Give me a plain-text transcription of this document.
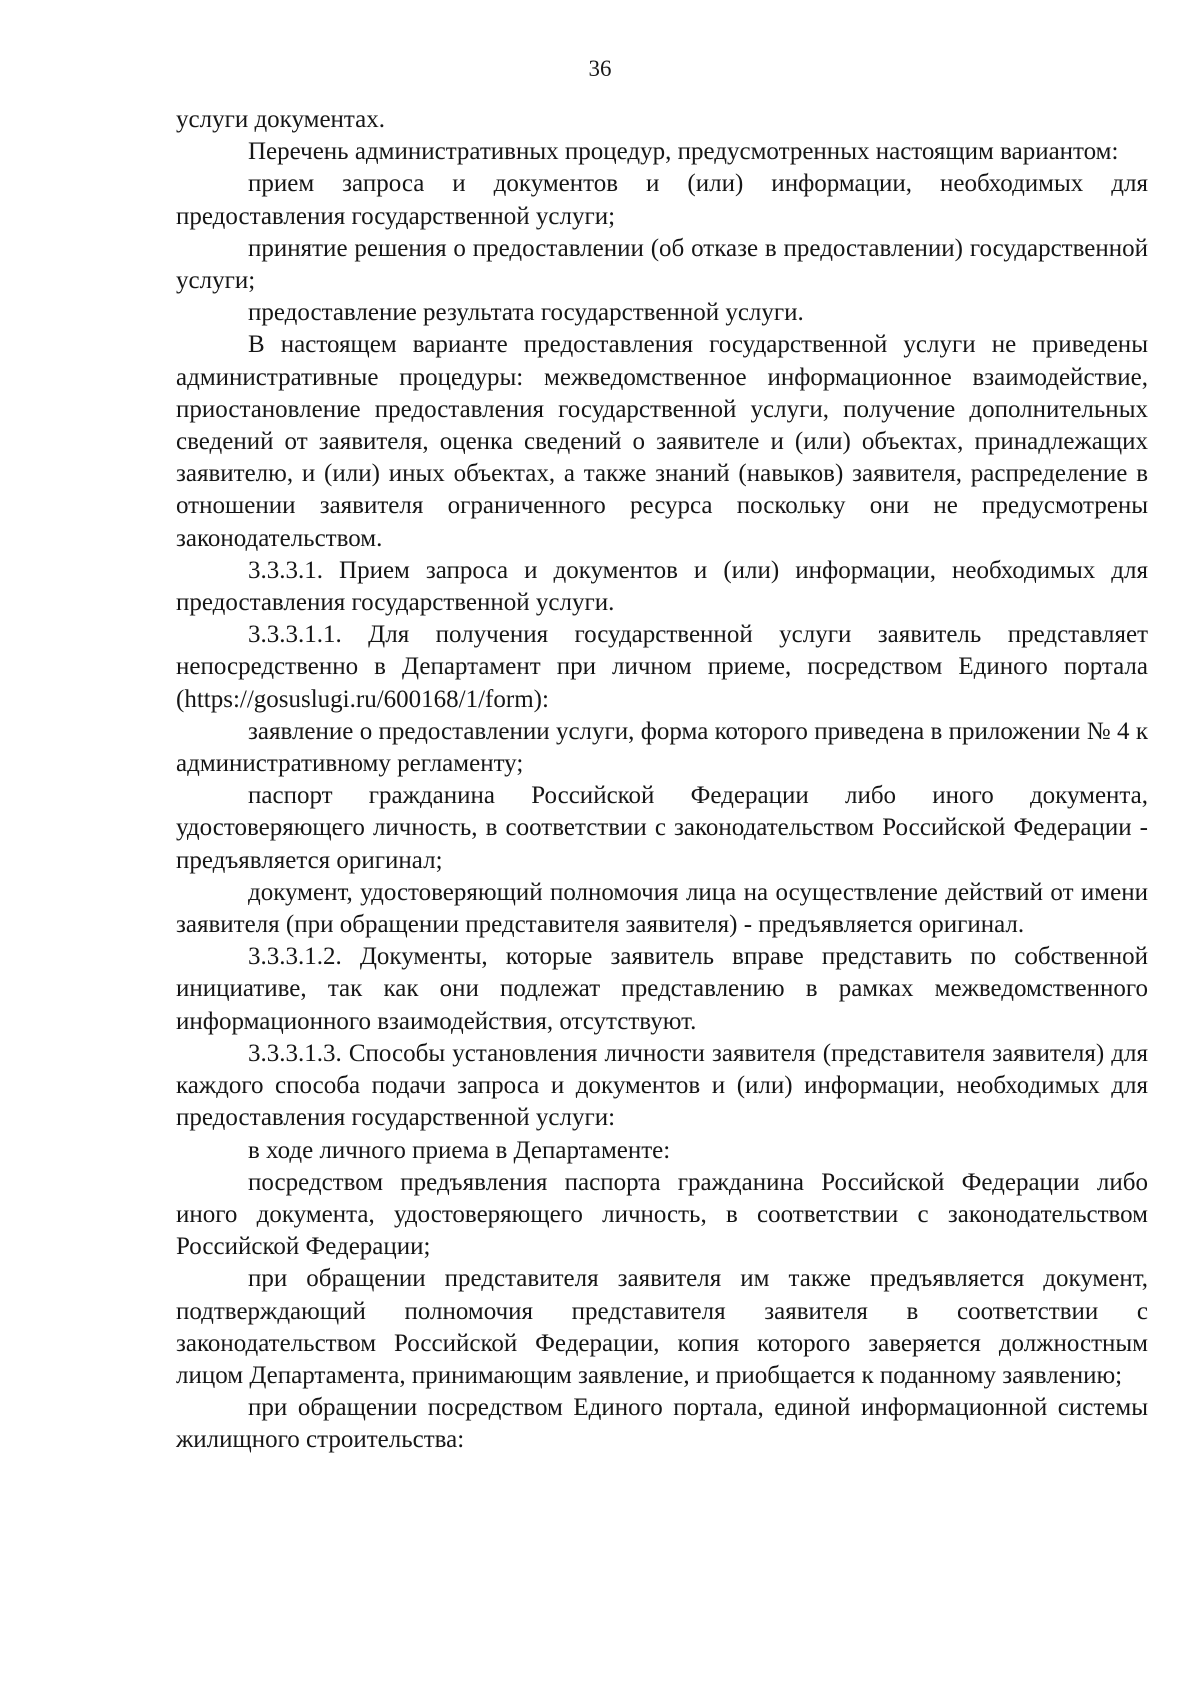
36

услуги документах.

Перечень административных процедур, предусмотренных настоящим вариантом:

прием запроса и документов и (или) информации, необходимых для предоставления государственной услуги;

принятие решения о предоставлении (об отказе в предоставлении) государственной услуги;

предоставление результата государственной услуги.

В настоящем варианте предоставления государственной услуги не приведены административные процедуры: межведомственное информационное взаимодействие, приостановление предоставления государственной услуги, получение дополнительных сведений от заявителя, оценка сведений о заявителе и (или) объектах, принадлежащих заявителю, и (или) иных объектах, а также знаний (навыков) заявителя, распределение в отношении заявителя ограниченного ресурса поскольку они не предусмотрены законодательством.

3.3.3.1. Прием запроса и документов и (или) информации, необходимых для предоставления государственной услуги.

3.3.3.1.1. Для получения государственной услуги заявитель представляет непосредственно в Департамент при личном приеме, посредством Единого портала (https://gosuslugi.ru/600168/1/form):

заявление о предоставлении услуги, форма которого приведена в приложении № 4 к административному регламенту;

паспорт гражданина Российской Федерации либо иного документа, удостоверяющего личность, в соответствии с законодательством Российской Федерации - предъявляется оригинал;

документ, удостоверяющий полномочия лица на осуществление действий от имени заявителя (при обращении представителя заявителя) - предъявляется оригинал.

3.3.3.1.2. Документы, которые заявитель вправе представить по собственной инициативе, так как они подлежат представлению в рамках межведомственного информационного взаимодействия, отсутствуют.

3.3.3.1.3. Способы установления личности заявителя (представителя заявителя) для каждого способа подачи запроса и документов и (или) информации, необходимых для предоставления государственной услуги:

в ходе личного приема в Департаменте:

посредством предъявления паспорта гражданина Российской Федерации либо иного документа, удостоверяющего личность, в соответствии с законодательством Российской Федерации;

при обращении представителя заявителя им также предъявляется документ, подтверждающий полномочия представителя заявителя в соответствии с законодательством Российской Федерации, копия которого заверяется должностным лицом Департамента, принимающим заявление, и приобщается к поданному заявлению;

при обращении посредством Единого портала, единой информационной системы жилищного строительства:
